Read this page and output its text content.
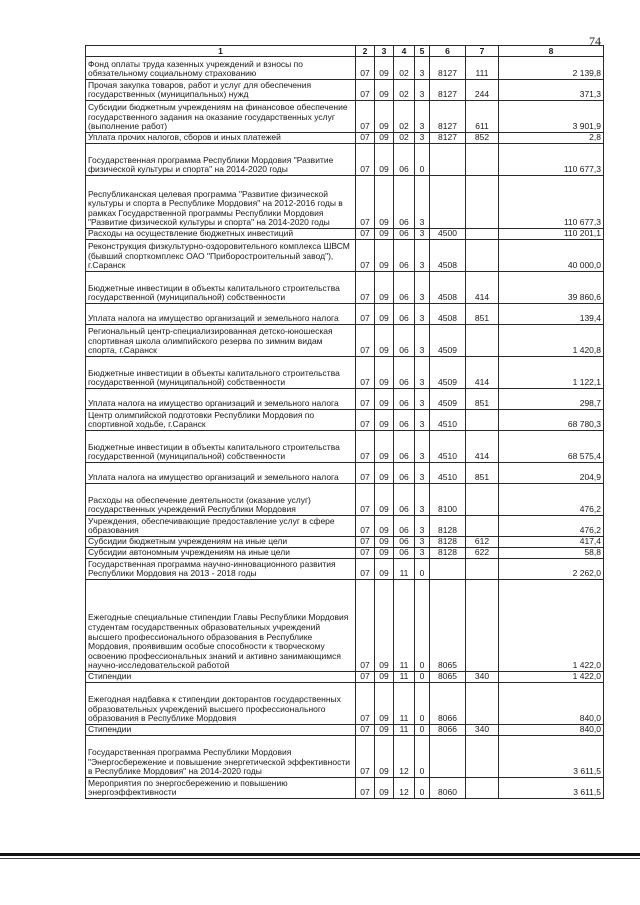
74
1	2	3	4	5	6	7	8
Фонд оплаты труда казенных учреждений и взносы по обязательному социальному страхованию	07	09	02	3	8127	111	2 139,8
Прочая закупка товаров, работ и услуг для обеспечения государственных (муниципальных) нужд	07	09	02	3	8127	244	371,3
Субсидии бюджетным учреждениям на финансовое обеспечение государственного задания на оказание государственных услуг (выполнение работ)	07	09	02	3	8127	611	3 901,9
Уплата прочих налогов, сборов и иных платежей	07	09	02	3	8127	852	2,8
Государственная программа Республики Мордовия "Развитие физической культуры и спорта" на 2014-2020 годы	07	09	06	0			110 677,3
Республиканская целевая программа "Развитие физической культуры и спорта в Республике Мордовия" на 2012-2016 годы в рамках Государственной программы Республики Мордовия "Развитие физической культуры и спорта" на 2014-2020 годы	07	09	06	3			110 677,3
Расходы на осуществление бюджетных инвестиций	07	09	06	3	4500		110 201,1
Реконструкция физкультурно-оздоровительного комплекса ШВСМ (бывший спорткомплекс ОАО "Приборостроительный завод"), г.Саранск	07	09	06	3	4508		40 000,0
Бюджетные инвестиции в объекты капитального строительства государственной (муниципальной) собственности	07	09	06	3	4508	414	39 860,6
Уплата налога на имущество организаций и земельного налога	07	09	06	3	4508	851	139,4
Региональный центр-специализированная детско-юношеская спортивная школа олимпийского резерва по зимним видам спорта, г.Саранск	07	09	06	3	4509		1 420,8
Бюджетные инвестиции в объекты капитального строительства государственной (муниципальной) собственности	07	09	06	3	4509	414	1 122,1
Уплата налога на имущество организаций и земельного налога	07	09	06	3	4509	851	298,7
Центр олимпийской подготовки Республики Мордовия по спортивной ходьбе, г.Саранск	07	09	06	3	4510		68 780,3
Бюджетные инвестиции в объекты капитального строительства государственной (муниципальной) собственности	07	09	06	3	4510	414	68 575,4
Уплата налога на имущество организаций и земельного налога	07	09	06	3	4510	851	204,9
Расходы на обеспечение деятельности (оказание услуг) государственных учреждений Республики Мордовия	07	09	06	3	8100		476,2
Учреждения, обеспечивающие предоставление услуг в сфере образования	07	09	06	3	8128		476,2
Субсидии бюджетным учреждениям на иные цели	07	09	06	3	8128	612	417,4
Субсидии автономным учреждениям на иные цели	07	09	06	3	8128	622	58,8
Государственная программа научно-инновационного развития Республики Мордовия на 2013 - 2018 годы	07	09	11	0			2 262,0
Ежегодные специальные стипендии Главы Республики Мордовия студентам государственных образовательных учреждений высшего профессионального образования в Республике Мордовия, проявившим особые способности к творческому освоению профессиональных знаний и активно занимающимся научно-исследовательской работой	07	09	11	0	8065		1 422,0
Стипендии	07	09	11	0	8065	340	1 422,0
Ежегодная надбавка к стипендии докторантов государственных образовательных учреждений высшего профессионального образования в Республике Мордовия	07	09	11	0	8066		840,0
Стипендии	07	09	11	0	8066	340	840,0
Государственная программа Республики Мордовия "Энергосбережение и повышение энергетической эффективности в Республике Мордовия" на 2014-2020 годы	07	09	12	0			3 611,5
Мероприятия по энергосбережению и повышению энергоэффективности	07	09	12	0	8060		3 611,5
